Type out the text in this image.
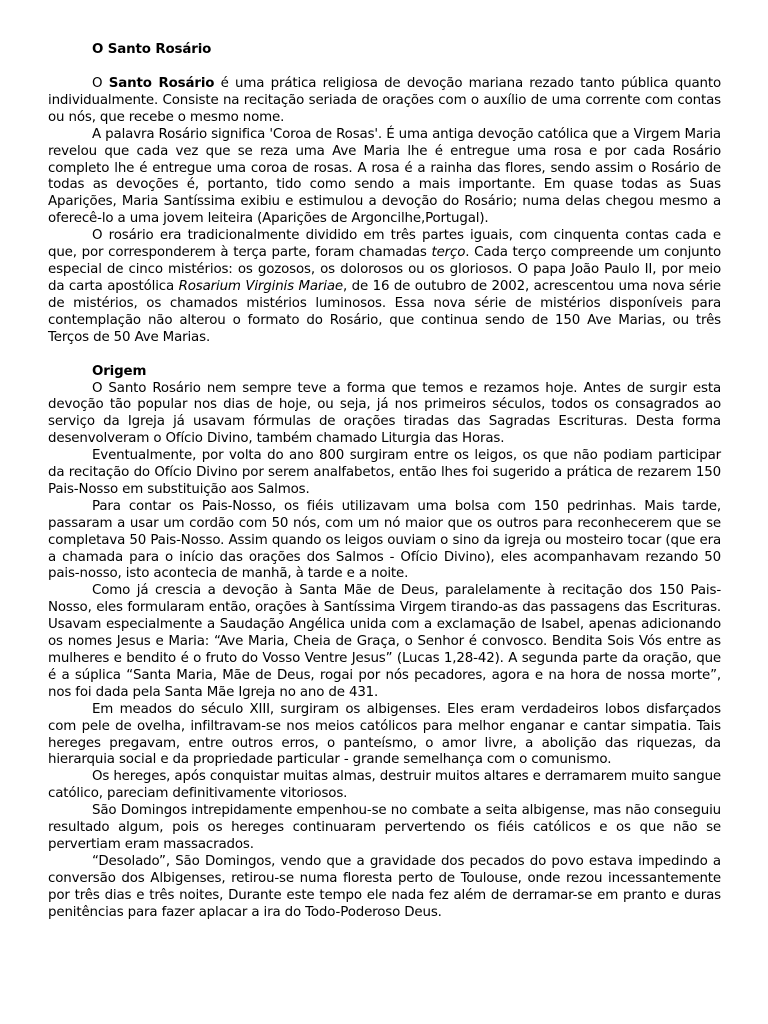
O Santo Rosário

O Santo Rosário é uma prática religiosa de devoção mariana rezado tanto pública quanto individualmente. Consiste na recitação seriada de orações com o auxílio de uma corrente com contas ou nós, que recebe o mesmo nome.

A palavra Rosário significa 'Coroa de Rosas'. É uma antiga devoção católica que a Virgem Maria revelou que cada vez que se reza uma Ave Maria lhe é entregue uma rosa e por cada Rosário completo lhe é entregue uma coroa de rosas. A rosa é a rainha das flores, sendo assim o Rosário de todas as devoções é, portanto, tido como sendo a mais importante. Em quase todas as Suas Aparições, Maria Santíssima exibiu e estimulou a devoção do Rosário; numa delas chegou mesmo a oferecê-lo a uma jovem leiteira (Aparições de Argoncilhe,Portugal).

O rosário era tradicionalmente dividido em três partes iguais, com cinquenta contas cada e que, por corresponderem à terça parte, foram chamadas terço. Cada terço compreende um conjunto especial de cinco mistérios: os gozosos, os dolorosos ou os gloriosos. O papa João Paulo II, por meio da carta apostólica Rosarium Virginis Mariae, de 16 de outubro de 2002, acrescentou uma nova série de mistérios, os chamados mistérios luminosos. Essa nova série de mistérios disponíveis para contemplação não alterou o formato do Rosário, que continua sendo de 150 Ave Marias, ou três Terços de 50 Ave Marias.

Origem

O Santo Rosário nem sempre teve a forma que temos e rezamos hoje. Antes de surgir esta devoção tão popular nos dias de hoje, ou seja, já nos primeiros séculos, todos os consagrados ao serviço da Igreja já usavam fórmulas de orações tiradas das Sagradas Escrituras. Desta forma desenvolveram o Ofício Divino, também chamado Liturgia das Horas.

Eventualmente, por volta do ano 800 surgiram entre os leigos, os que não podiam participar da recitação do Ofício Divino por serem analfabetos, então lhes foi sugerido a prática de rezarem 150 Pais-Nosso em substituição aos Salmos.

Para contar os Pais-Nosso, os fiéis utilizavam uma bolsa com 150 pedrinhas. Mais tarde, passaram a usar um cordão com 50 nós, com um nó maior que os outros para reconhecerem que se completava 50 Pais-Nosso. Assim quando os leigos ouviam o sino da igreja ou mosteiro tocar (que era a chamada para o início das orações dos Salmos - Ofício Divino), eles acompanhavam rezando 50 pais-nosso, isto acontecia de manhã, à tarde e a noite.

Como já crescia a devoção à Santa Mãe de Deus, paralelamente à recitação dos 150 Pais-Nosso, eles formularam então, orações à Santíssima Virgem tirando-as das passagens das Escrituras. Usavam especialmente a Saudação Angélica unida com a exclamação de Isabel, apenas adicionando os nomes Jesus e Maria: “Ave Maria, Cheia de Graça, o Senhor é convosco. Bendita Sois Vós entre as mulheres e bendito é o fruto do Vosso Ventre Jesus” (Lucas 1,28-42). A segunda parte da oração, que é a súplica “Santa Maria, Mãe de Deus, rogai por nós pecadores, agora e na hora de nossa morte”, nos foi dada pela Santa Mãe Igreja no ano de 431.

Em meados do século XIII, surgiram os albigenses. Eles eram verdadeiros lobos disfarçados com pele de ovelha, infiltravam-se nos meios católicos para melhor enganar e cantar simpatia. Tais hereges pregavam, entre outros erros, o panteísmo, o amor livre, a abolição das riquezas, da hierarquia social e da propriedade particular - grande semelhança com o comunismo.

Os hereges, após conquistar muitas almas, destruir muitos altares e derramarem muito sangue católico, pareciam definitivamente vitoriosos.

São Domingos intrepidamente empenhou-se no combate a seita albigense, mas não conseguiu resultado algum, pois os hereges continuaram pervertendo os fiéis católicos e os que não se pervertiam eram massacrados.

“Desolado”, São Domingos, vendo que a gravidade dos pecados do povo estava impedindo a conversão dos Albigenses, retirou-se numa floresta perto de Toulouse, onde rezou incessantemente por três dias e três noites, Durante este tempo ele nada fez além de derramar-se em pranto e duras penitências para fazer aplacar a ira do Todo-Poderoso Deus.
